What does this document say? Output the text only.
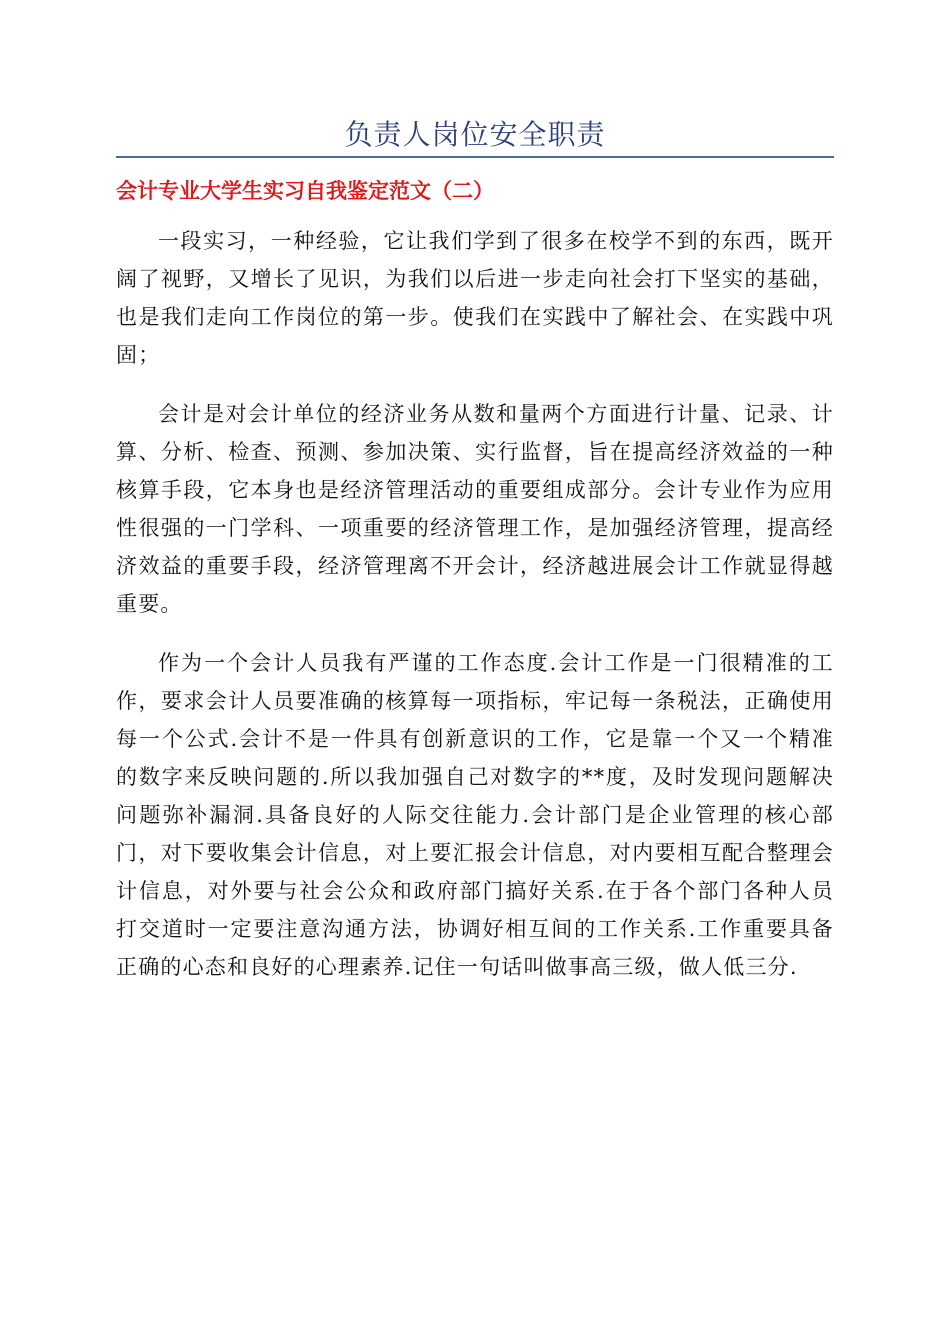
负责人岗位安全职责
会计专业大学生实习自我鉴定范文（二）

一段实习，一种经验，它让我们学到了很多在校学不到的东西，既开阔了视野，又增长了见识，为我们以后进一步走向社会打下坚实的基础，也是我们走向工作岗位的第一步。使我们在实践中了解社会、在实践中巩固；

会计是对会计单位的经济业务从数和量两个方面进行计量、记录、计算、分析、检查、预测、参加决策、实行监督，旨在提高经济效益的一种核算手段，它本身也是经济管理活动的重要组成部分。会计专业作为应用性很强的一门学科、一项重要的经济管理工作，是加强经济管理，提高经济效益的重要手段，经济管理离不开会计，经济越进展会计工作就显得越重要。

作为一个会计人员我有严谨的工作态度.会计工作是一门很精准的工作，要求会计人员要准确的核算每一项指标，牢记每一条税法，正确使用每一个公式.会计不是一件具有创新意识的工作，它是靠一个又一个精准的数字来反映问题的.所以我加强自己对数字的**度，及时发现问题解决问题弥补漏洞.具备良好的人际交往能力.会计部门是企业管理的核心部门，对下要收集会计信息，对上要汇报会计信息，对内要相互配合整理会计信息，对外要与社会公众和政府部门搞好关系.在于各个部门各种人员打交道时一定要注意沟通方法，协调好相互间的工作关系.工作重要具备正确的心态和良好的心理素养.记住一句话叫做事高三级，做人低三分.
